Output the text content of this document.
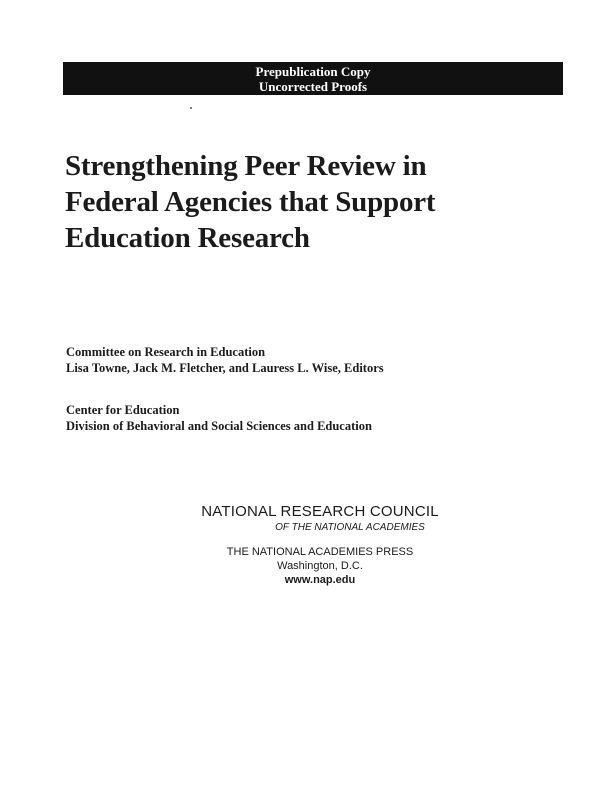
Prepublication Copy
Uncorrected Proofs
Strengthening Peer Review in
Federal Agencies that Support
Education Research
Committee on Research in Education
Lisa Towne, Jack M. Fletcher, and Lauress L. Wise, Editors
Center for Education
Division of Behavioral and Social Sciences and Education
NATIONAL RESEARCH COUNCIL
OF THE NATIONAL ACADEMIES
THE NATIONAL ACADEMIES PRESS
Washington, D.C.
www.nap.edu
